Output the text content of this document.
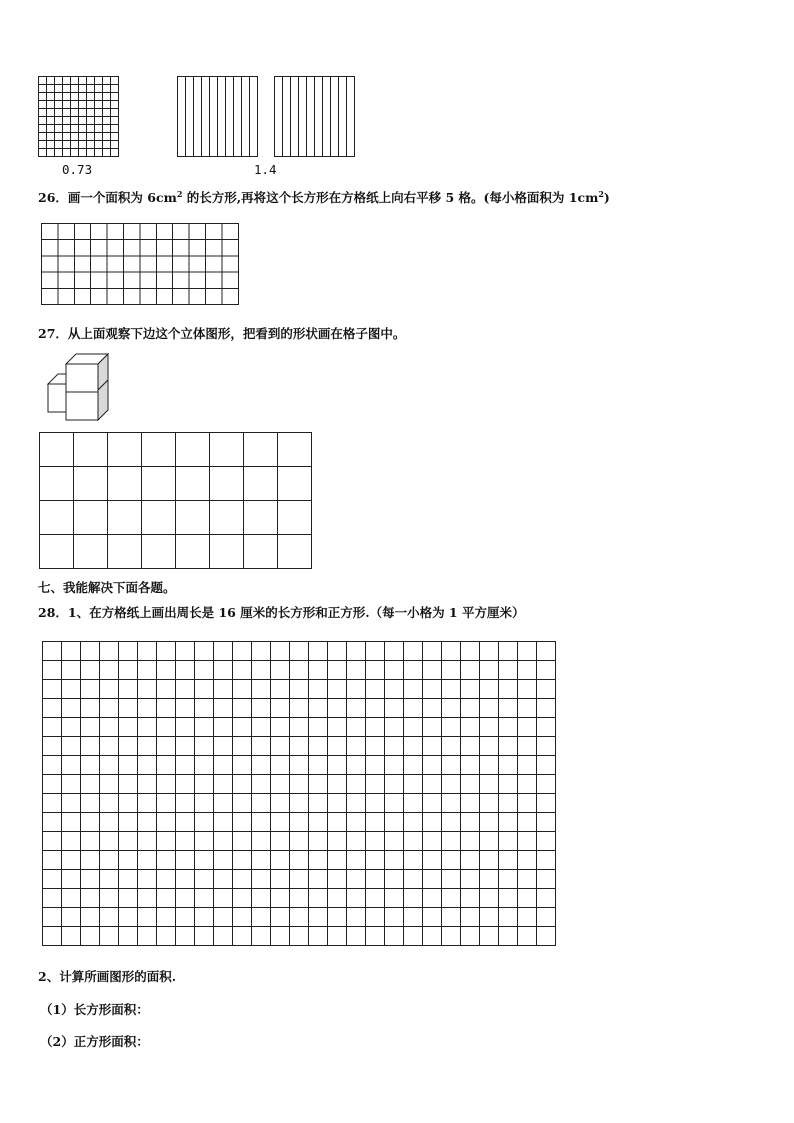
0.73	1.4
26．画一个面积为 $6cm^2$ 的长方形,再将这个长方形在方格纸上向右平移 5 格。(每小格面积为 $1cm^2$)
27．从上面观察下边这个立体图形，把看到的形状画在格子图中。
七、我能解决下面各题。
28．1、在方格纸上画出周长是 16 厘米的长方形和正方形.（每一小格为 1 平方厘米）
2、计算所画图形的面积.
（1）长方形面积：
（2）正方形面积：
